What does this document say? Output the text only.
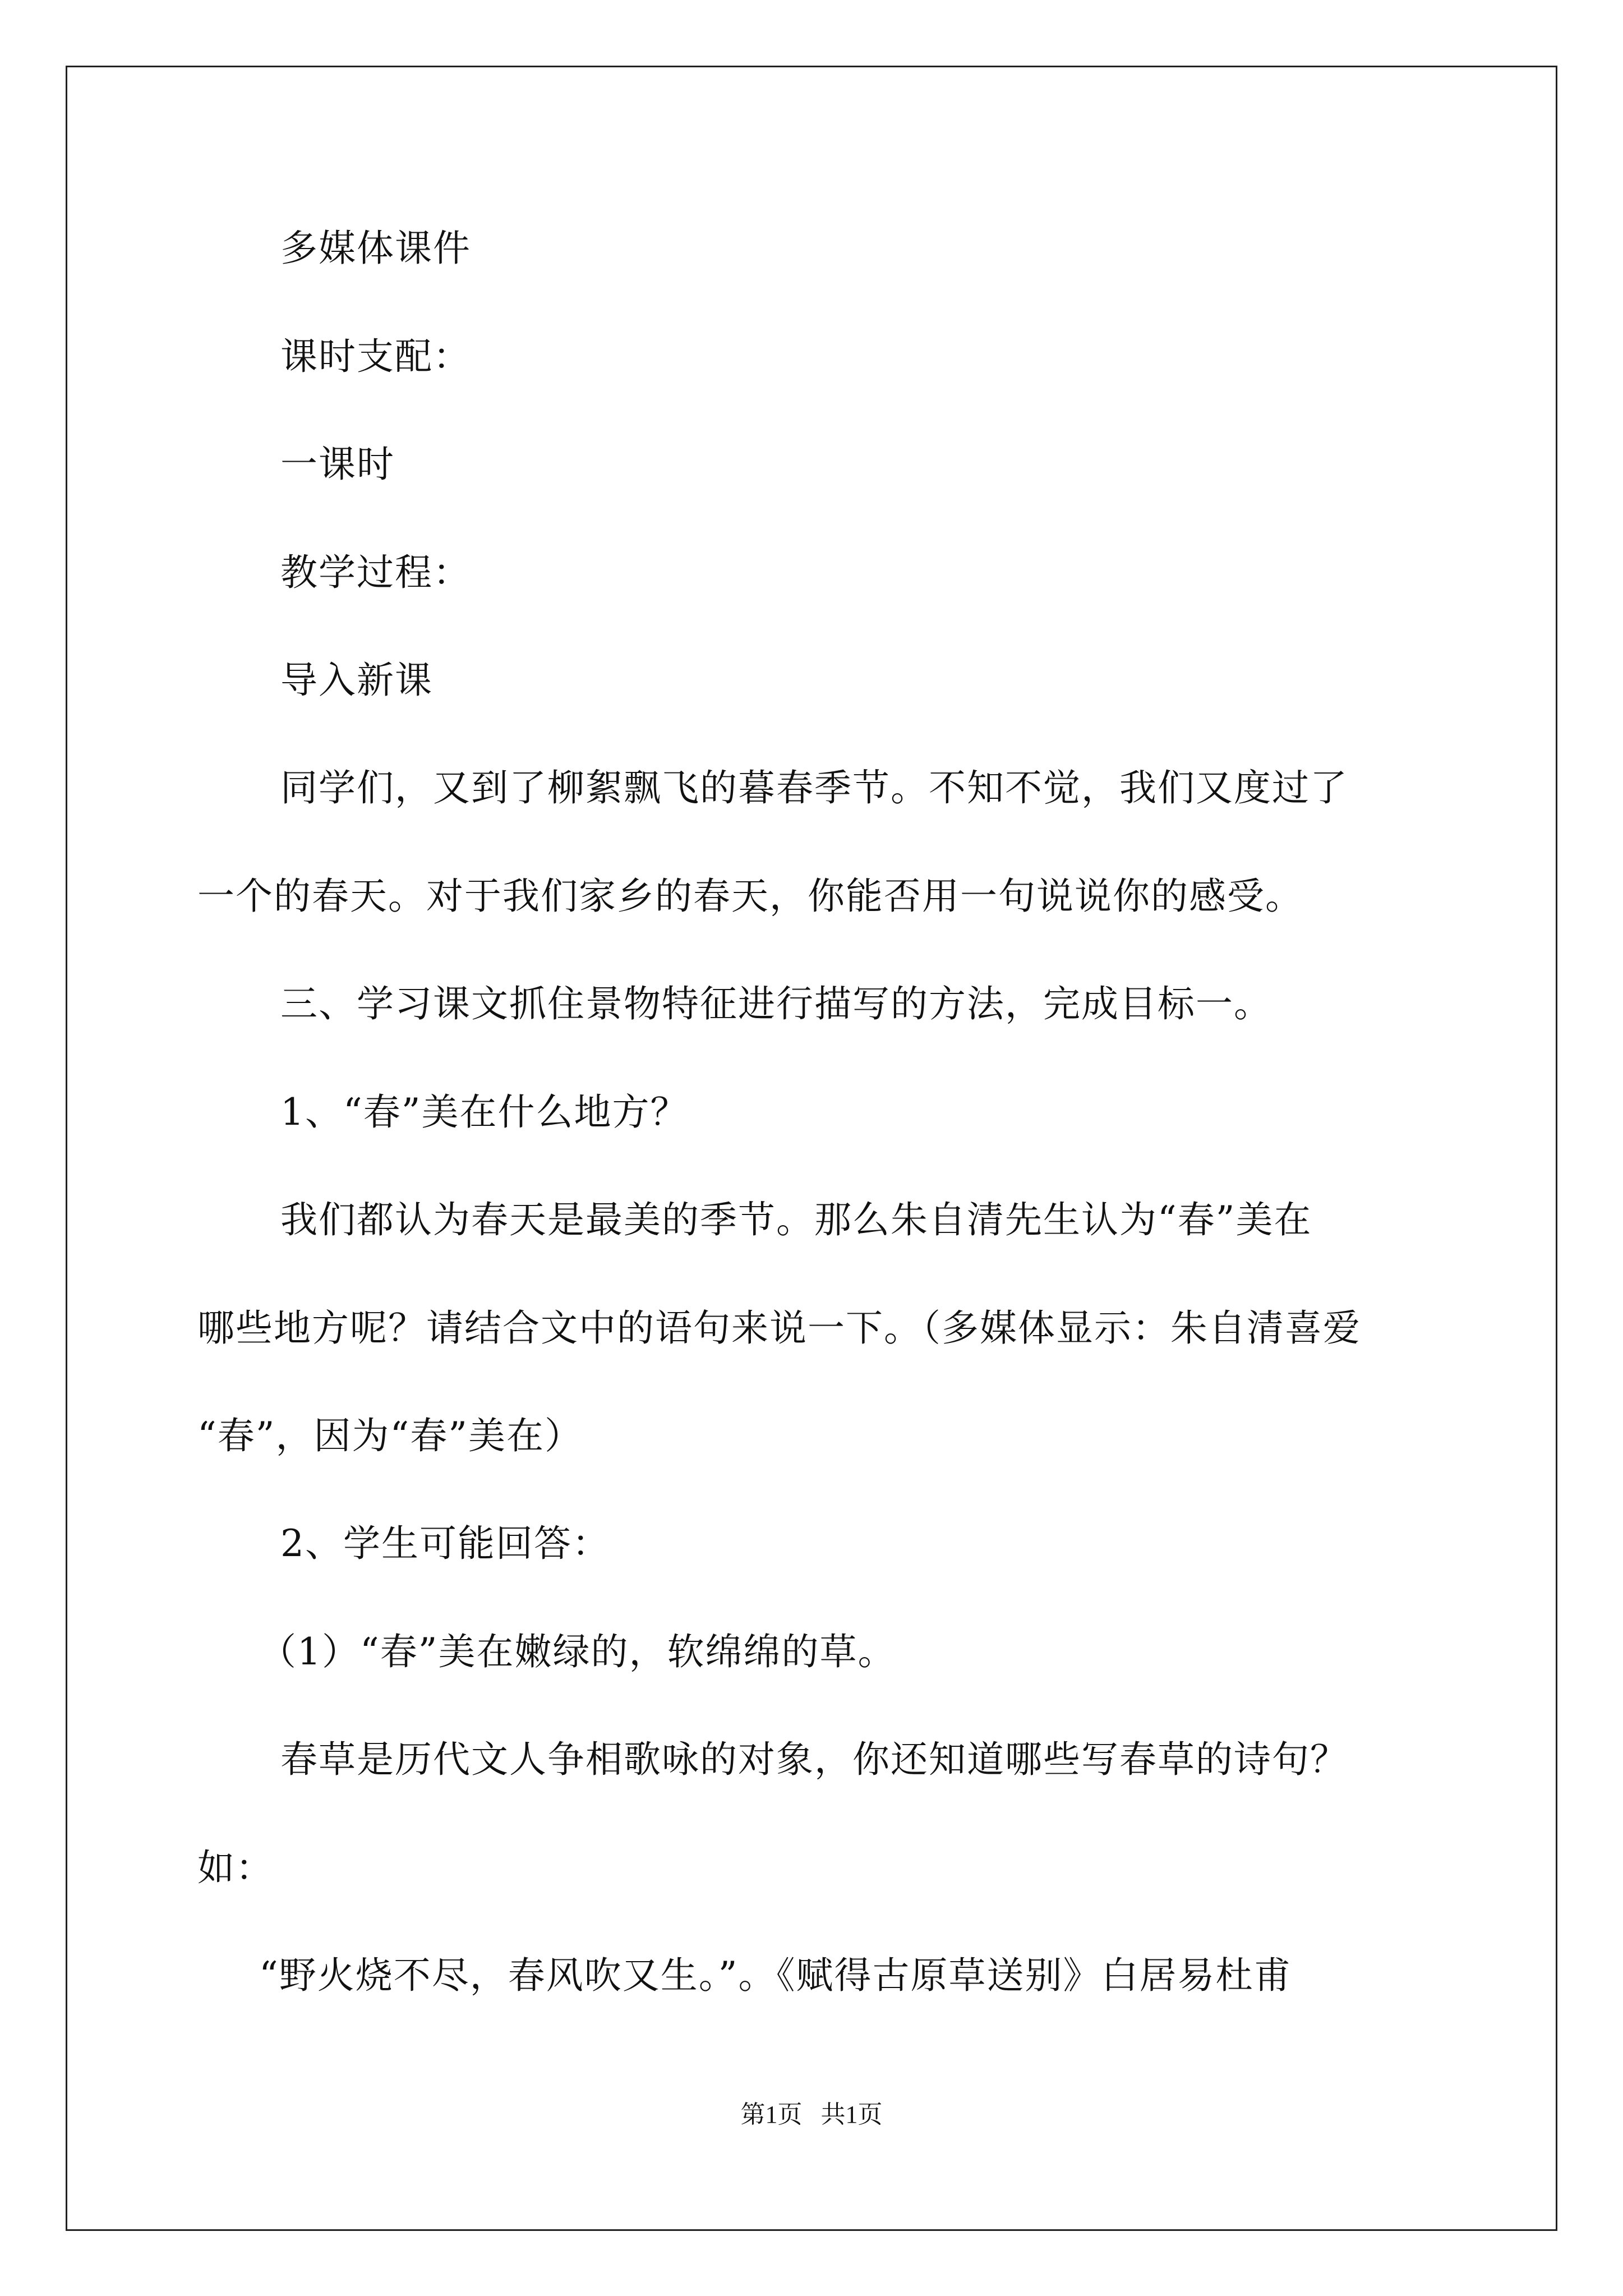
多媒体课件
课时支配：
一课时
教学过程：
导入新课
同学们，又到了柳絮飘飞的暮春季节。不知不觉，我们又度过了
一个的春天。对于我们家乡的春天，你能否用一句说说你的感受。
三、学习课文抓住景物特征进行描写的方法，完成目标一。
1、“春”美在什么地方？
我们都认为春天是最美的季节。那么朱自清先生认为“春”美在
哪些地方呢？请结合文中的语句来说一下。（多媒体显示：朱自清喜爱
“春”，因为“春”美在）
2、学生可能回答：
（1）“春”美在嫩绿的，软绵绵的草。
春草是历代文人争相歌咏的对象，你还知道哪些写春草的诗句？
如：
“野火烧不尽，春风吹又生。”。《赋得古原草送别》白居易杜甫
第1页 共1页
